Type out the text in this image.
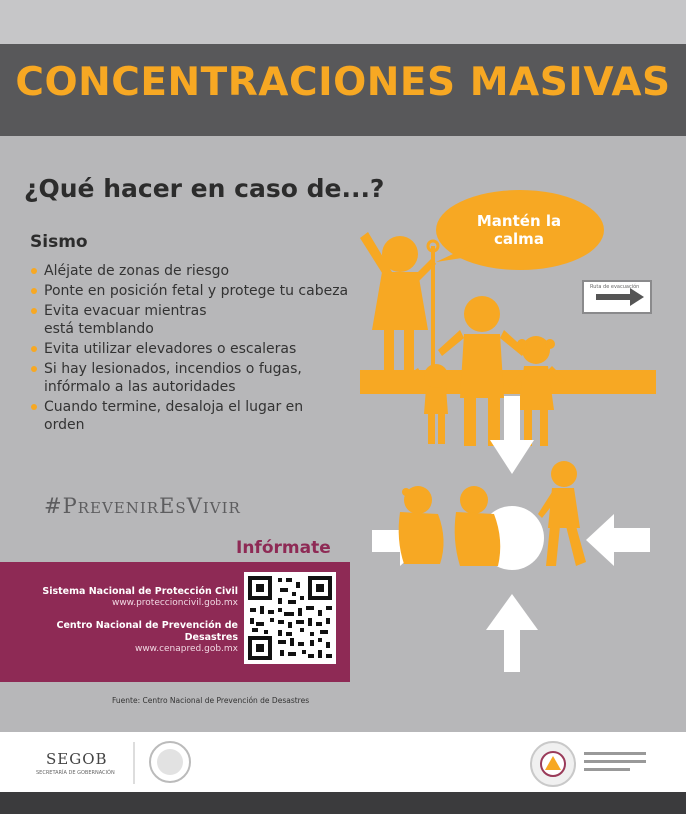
CONCENTRACIONES MASIVAS
¿Qué hacer en caso de...?
Sismo
Aléjate de zonas de riesgo
Ponte en posición fetal y protege tu cabeza
Evita evacuar mientras está temblando
Evita utilizar elevadores o escaleras
Si hay lesionados, incendios o fugas, infórmalo a las autoridades
Cuando termine, desaloja el lugar en orden
#PrevenirEsVivir
Infórmate
Sistema Nacional de Protección Civil
www.proteccioncivil.gob.mx
Centro Nacional de Prevención de
Desastres
www.cenapred.gob.mx
Fuente: Centro Nacional de Prevención de Desastres
Mantén la calma
Ruta de evacuación
SEGOB
SECRETARÍA DE GOBERNACIÓN
